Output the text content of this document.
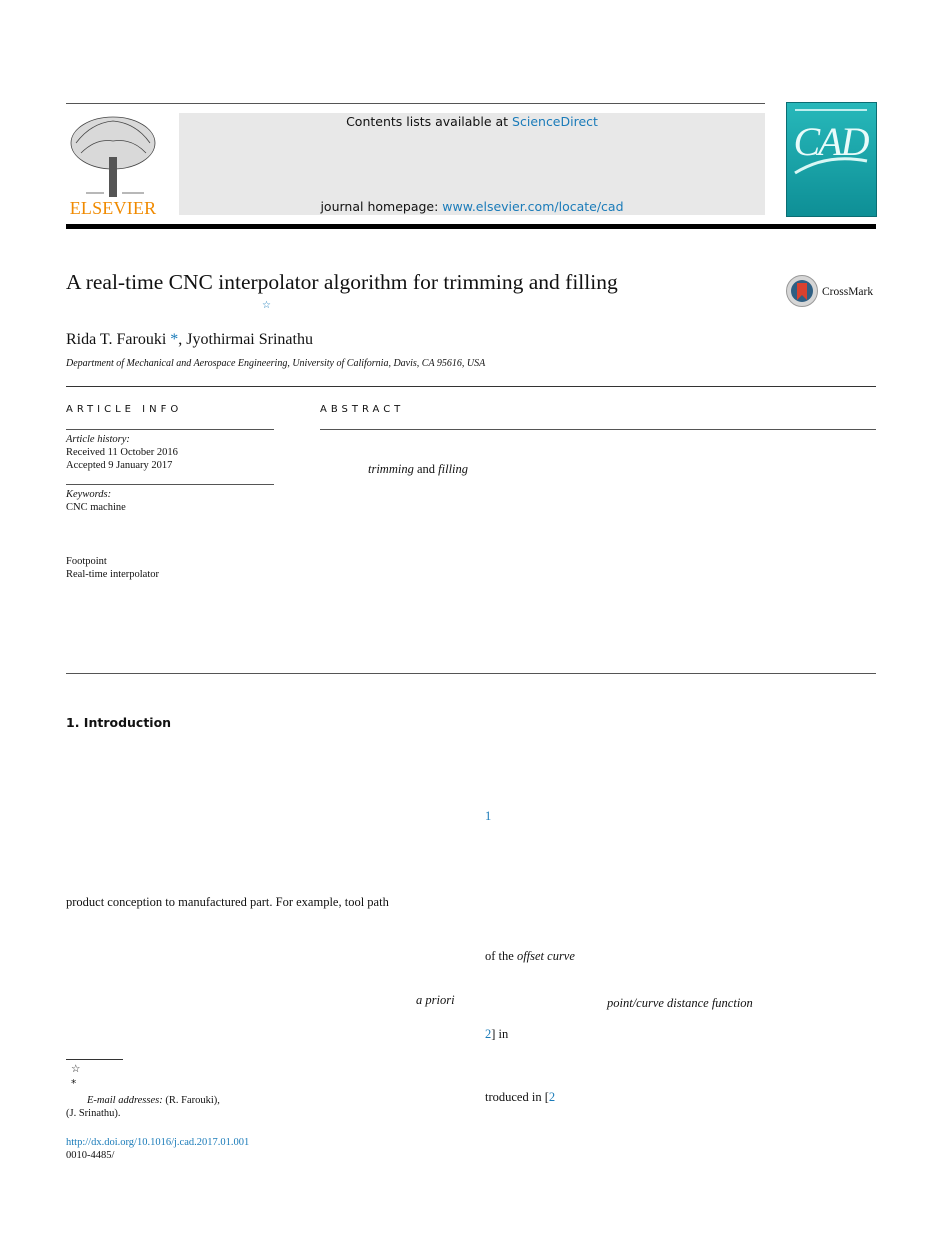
ELSEVIER
Contents lists available at ScienceDirect
journal homepage: www.elsevier.com/locate/cad
CAD
A real-time CNC interpolator algorithm for trimming and filling
☆
CrossMark
Rida T. Farouki *, Jyothirmai Srinathu
Department of Mechanical and Aerospace Engineering, University of California, Davis, CA 95616, USA
ARTICLE INFO
Article history:
Received 11 October 2016
Accepted 9 January 2017
Keywords:
CNC machine
Footpoint
Real-time interpolator
ABSTRACT
trimming and filling
1. Introduction
product conception to manufactured part. For example, tool path
a priori
1
of the offset curve
point/curve distance function
2] in
troduced in [2
☆
*
E-mail addresses: (R. Farouki),
(J. Srinathu).
http://dx.doi.org/10.1016/j.cad.2017.01.001
0010-4485/
